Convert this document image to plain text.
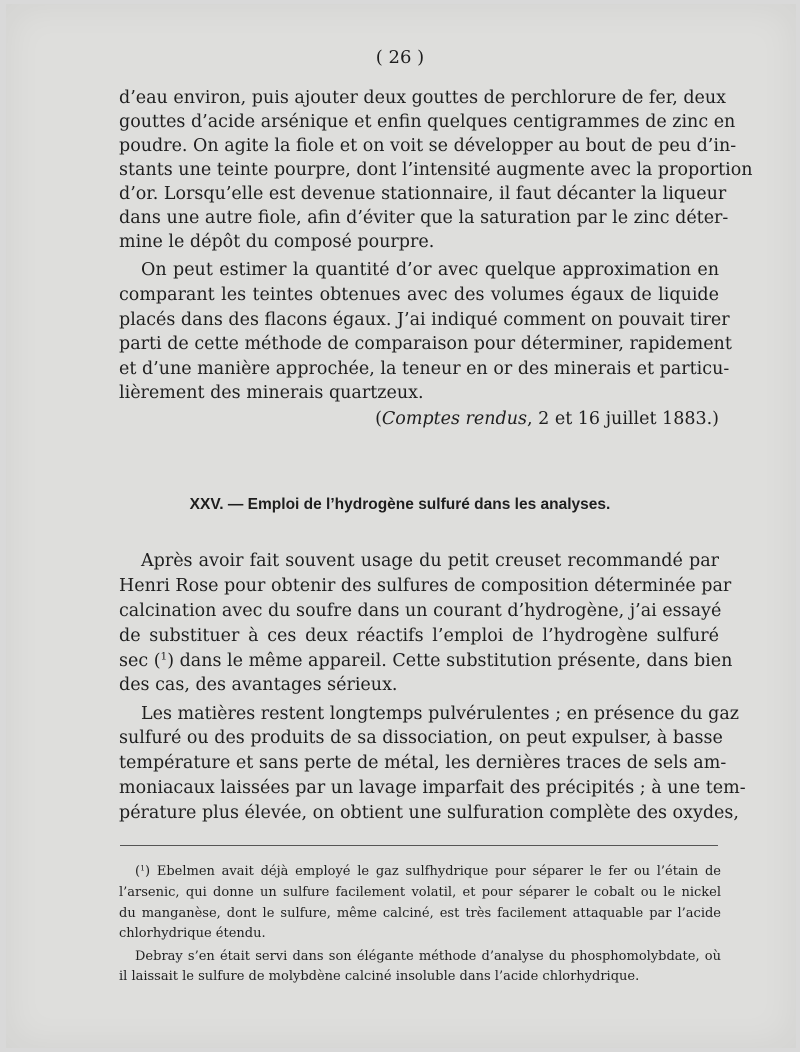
( 26 )
d’eau environ, puis ajouter deux gouttes de perchlorure de fer, deux
gouttes d’acide arsénique et enfin quelques centigrammes de zinc en
poudre. On agite la fiole et on voit se développer au bout de peu d’in-
stants une teinte pourpre, dont l’intensité augmente avec la proportion
d’or. Lorsqu’elle est devenue stationnaire, il faut décanter la liqueur
dans une autre fiole, afin d’éviter que la saturation par le zinc déter-
mine le dépôt du composé pourpre.
On peut estimer la quantité d’or avec quelque approximation en
comparant les teintes obtenues avec des volumes égaux de liquide
placés dans des flacons égaux. J’ai indiqué comment on pouvait tirer
parti de cette méthode de comparaison pour déterminer, rapidement
et d’une manière approchée, la teneur en or des minerais et particu-
lièrement des minerais quartzeux.
(Comptes rendus, 2 et 16 juillet 1883.)
XXV. — Emploi de l’hydrogène sulfuré dans les analyses.
Après avoir fait souvent usage du petit creuset recommandé par
Henri Rose pour obtenir des sulfures de composition déterminée par
calcination avec du soufre dans un courant d’hydrogène, j’ai essayé
de substituer à ces deux réactifs l’emploi de l’hydrogène sulfuré
sec ($^1$) dans le même appareil. Cette substitution présente, dans bien
des cas, des avantages sérieux.
Les matières restent longtemps pulvérulentes ; en présence du gaz
sulfuré ou des produits de sa dissociation, on peut expulser, à basse
température et sans perte de métal, les dernières traces de sels am-
moniacaux laissées par un lavage imparfait des précipités ; à une tem-
pérature plus élevée, on obtient une sulfuration complète des oxydes,
($^1$) Ebelmen avait déjà employé le gaz sulfhydrique pour séparer le fer ou l’étain de
l’arsenic, qui donne un sulfure facilement volatil, et pour séparer le cobalt ou le nickel
du manganèse, dont le sulfure, même calciné, est très facilement attaquable par l’acide
chlorhydrique étendu.
Debray s’en était servi dans son élégante méthode d’analyse du phosphomolybdate, où
il laissait le sulfure de molybdène calciné insoluble dans l’acide chlorhydrique.
